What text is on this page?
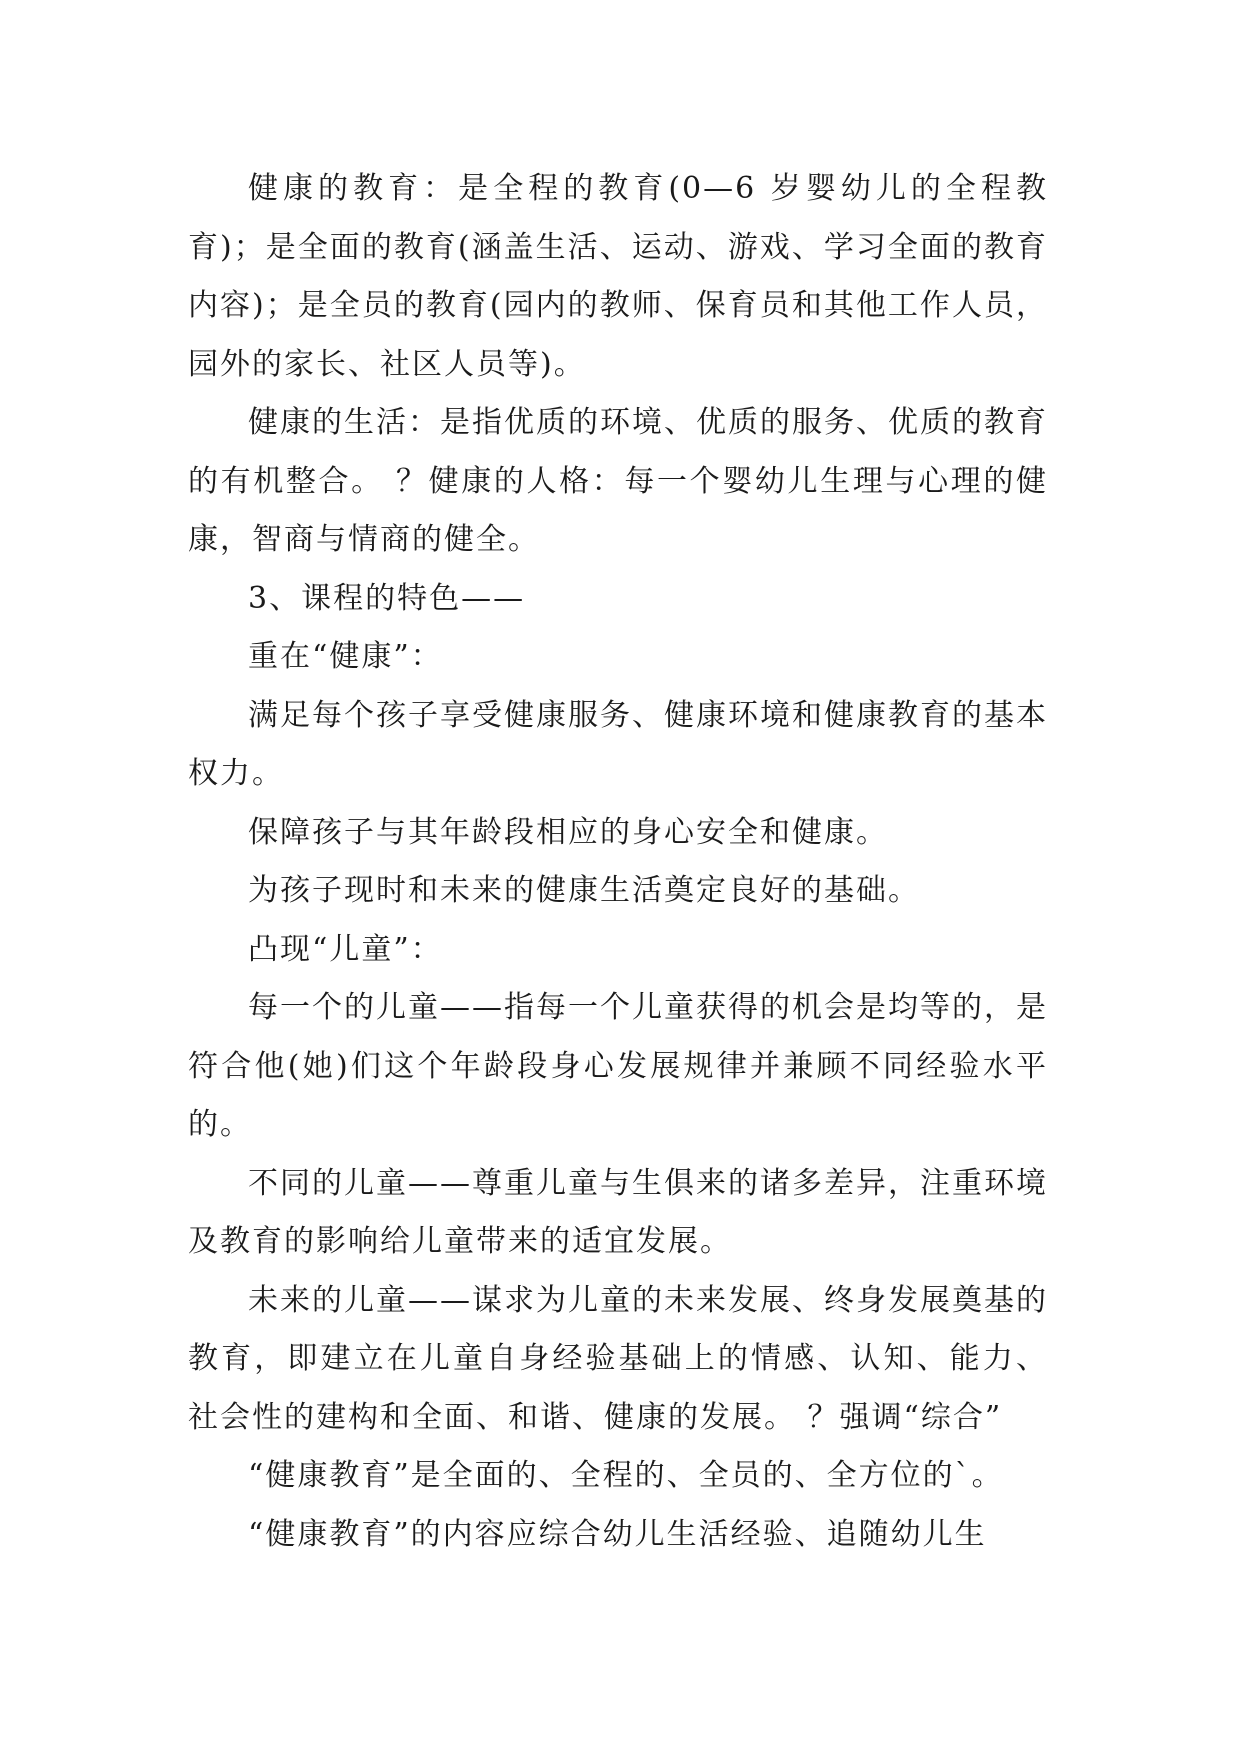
健康的教育：是全程的教育(0—6 岁婴幼儿的全程教育)；是全面的教育(涵盖生活、运动、游戏、学习全面的教育内容)；是全员的教育(园内的教师、保育员和其他工作人员，园外的家长、社区人员等)。

健康的生活：是指优质的环境、优质的服务、优质的教育的有机整合。 ？健康的人格：每一个婴幼儿生理与心理的健康，智商与情商的健全。

3、课程的特色——

重在“健康”：

满足每个孩子享受健康服务、健康环境和健康教育的基本权力。

保障孩子与其年龄段相应的身心安全和健康。

为孩子现时和未来的健康生活奠定良好的基础。

凸现“儿童”：

每一个的儿童——指每一个儿童获得的机会是均等的，是符合他(她)们这个年龄段身心发展规律并兼顾不同经验水平的。

不同的儿童——尊重儿童与生俱来的诸多差异，注重环境及教育的影响给儿童带来的适宜发展。

未来的儿童——谋求为儿童的未来发展、终身发展奠基的教育，即建立在儿童自身经验基础上的情感、认知、能力、社会性的建构和全面、和谐、健康的发展。 ？强调“综合”

“健康教育”是全面的、全程的、全员的、全方位的`。

“健康教育”的内容应综合幼儿生活经验、追随幼儿生
